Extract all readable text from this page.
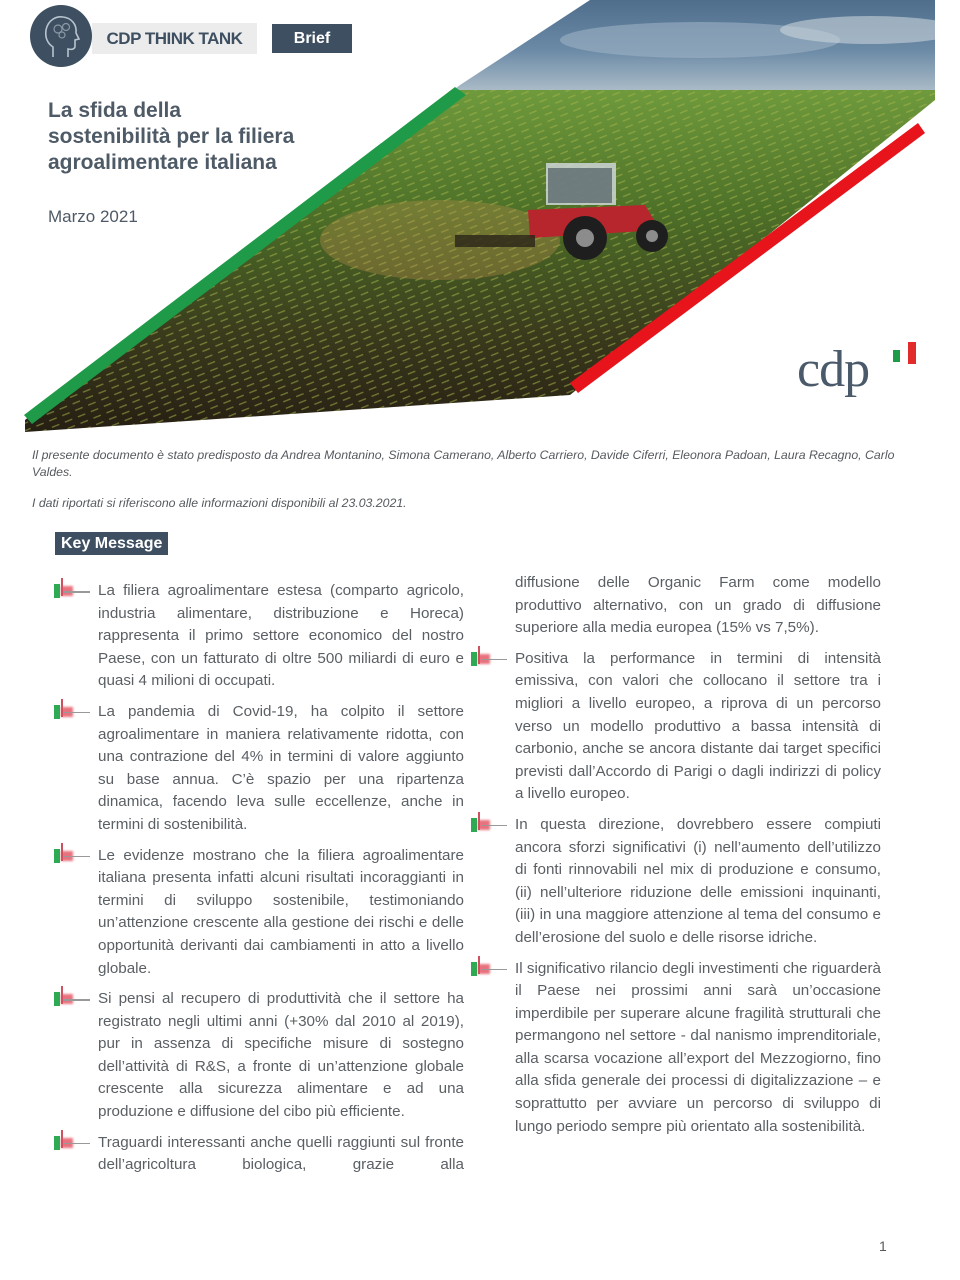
CDP THINK TANK	Brief
La sfida della sostenibilità per la filiera agroalimentare italiana
Marzo 2021
cdp
Il presente documento è stato predisposto da Andrea Montanino, Simona Camerano, Alberto Carriero, Davide Ciferri, Eleonora Padoan, Laura Recagno, Carlo Valdes.
I dati riportati si riferiscono alle informazioni disponibili al 23.03.2021.
Key Message

La filiera agroalimentare estesa (comparto agricolo, industria alimentare, distribuzione e Horeca) rappresenta il primo settore economico del nostro Paese, con un fatturato di oltre 500 miliardi di euro e quasi 4 milioni di occupati.

La pandemia di Covid-19, ha colpito il settore agroalimentare in maniera relativamente ridotta, con una contrazione del 4% in termini di valore aggiunto su base annua. C’è spazio per una ripartenza dinamica, facendo leva sulle eccellenze, anche in termini di sostenibilità.

Le evidenze mostrano che la filiera agroalimentare italiana presenta infatti alcuni risultati incoraggianti in termini di sviluppo sostenibile, testimoniando un’attenzione crescente alla gestione dei rischi e delle opportunità derivanti dai cambiamenti in atto a livello globale.

Si pensi al recupero di produttività che il settore ha registrato negli ultimi anni (+30% dal 2010 al 2019), pur in assenza di specifiche misure di sostegno dell’attività di R&S, a fronte di un’attenzione globale crescente alla sicurezza alimentare e ad una produzione e diffusione del cibo più efficiente.

Traguardi interessanti anche quelli raggiunti sul fronte dell’agricoltura biologica, grazie alla

diffusione delle Organic Farm come modello produttivo alternativo, con un grado di diffusione superiore alla media europea (15% vs 7,5%).

Positiva la performance in termini di intensità emissiva, con valori che collocano il settore tra i migliori a livello europeo, a riprova di un percorso verso un modello produttivo a bassa intensità di carbonio, anche se ancora distante dai target specifici previsti dall’Accordo di Parigi o dagli indirizzi di policy a livello europeo.

In questa direzione, dovrebbero essere compiuti ancora sforzi significativi (i) nell’aumento dell’utilizzo di fonti rinnovabili nel mix di produzione e consumo, (ii) nell’ulteriore riduzione delle emissioni inquinanti, (iii) in una maggiore attenzione al tema del consumo e dell’erosione del suolo e delle risorse idriche.

Il significativo rilancio degli investimenti che riguarderà il Paese nei prossimi anni sarà un’occasione imperdibile per superare alcune fragilità strutturali che permangono nel settore - dal nanismo imprenditoriale, alla scarsa vocazione all’export del Mezzogiorno, fino alla sfida generale dei processi di digitalizzazione – e soprattutto per avviare un percorso di sviluppo di lungo periodo sempre più orientato alla sostenibilità.

1
